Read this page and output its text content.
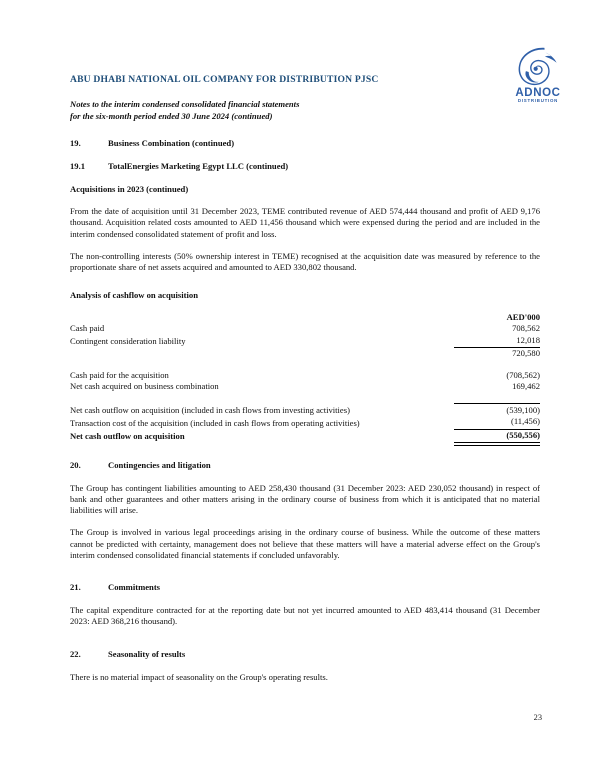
ADNOC
DISTRIBUTION
ABU DHABI NATIONAL OIL COMPANY FOR DISTRIBUTION PJSC
Notes to the interim condensed consolidated financial statements
for the six-month period ended 30 June 2024 (continued)
19.	Business Combination (continued)
19.1	TotalEnergies Marketing Egypt LLC (continued)
Acquisitions in 2023 (continued)

From the date of acquisition until 31 December 2023, TEME contributed revenue of AED 574,444 thousand and profit of AED 9,176 thousand. Acquisition related costs amounted to AED 11,456 thousand which were expensed during the period and are included in the interim condensed consolidated statement of profit and loss.

The non-controlling interests (50% ownership interest in TEME) recognised at the acquisition date was measured by reference to the proportionate share of net assets acquired and amounted to AED 330,802 thousand.

Analysis of cashflow on acquisition
	AED'000
Cash paid	708,562
Contingent consideration liability	12,018
	720,580

Cash paid for the acquisition	(708,562)
Net cash acquired on business combination	169,462

Net cash outflow on acquisition (included in cash flows from investing activities)	(539,100)
Transaction cost of the acquisition (included in cash flows from operating activities)	(11,456)
Net cash outflow on acquisition	(550,556)
20.	Contingencies and litigation

The Group has contingent liabilities amounting to AED 258,430 thousand (31 December 2023: AED 230,052 thousand) in respect of bank and other guarantees and other matters arising in the ordinary course of business from which it is anticipated that no material liabilities will arise.

The Group is involved in various legal proceedings arising in the ordinary course of business. While the outcome of these matters cannot be predicted with certainty, management does not believe that these matters will have a material adverse effect on the Group's interim condensed consolidated financial statements if concluded unfavorably.

21.	Commitments

The capital expenditure contracted for at the reporting date but not yet incurred amounted to AED 483,414 thousand (31 December 2023: AED 368,216 thousand).

22.	Seasonality of results

There is no material impact of seasonality on the Group's operating results.

23
